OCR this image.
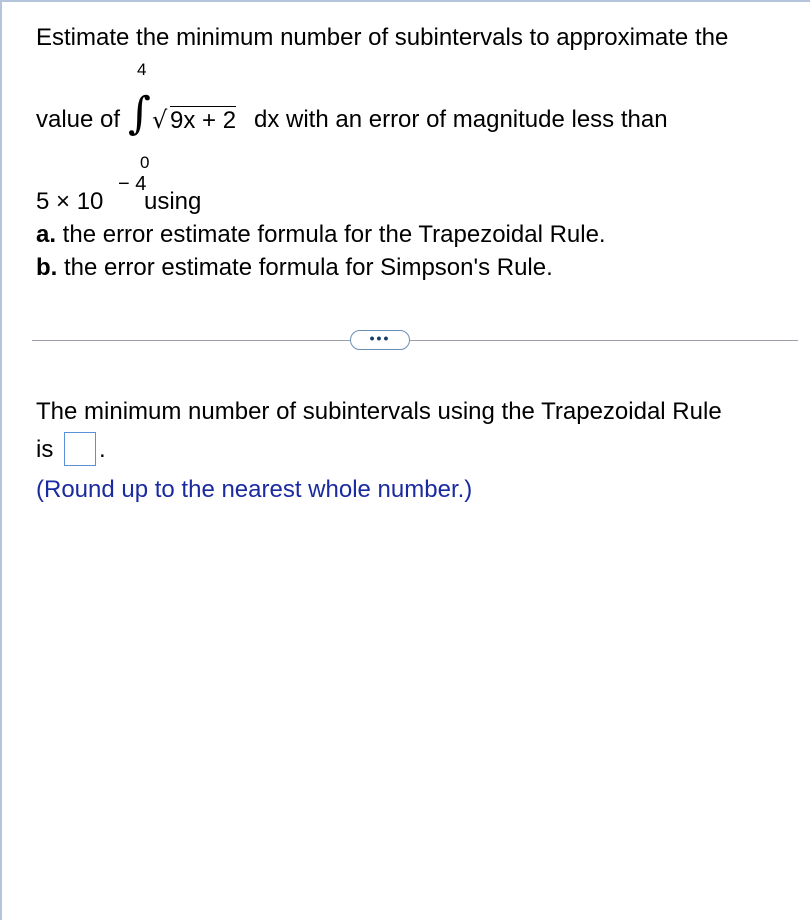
Estimate the minimum number of subintervals to approximate the
4
∫
0
value of √ 9x + 2 dx with an error of magnitude less than
5 × 10
− 4
using
a. the error estimate formula for the Trapezoidal Rule.
b. the error estimate formula for Simpson's Rule.
•••
The minimum number of subintervals using the Trapezoidal Rule
is .
(Round up to the nearest whole number.)
